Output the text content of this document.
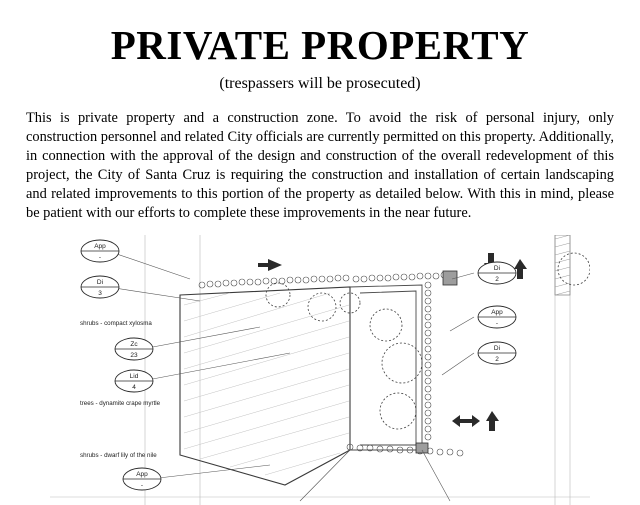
PRIVATE PROPERTY
(trespassers will be prosecuted)

This is private property and a construction zone. To avoid the risk of personal injury, only construction personnel and related City officials are currently permitted on this property. Additionally, in connection with the approval of the design and construction of the overall redevelopment of this project, the City of Santa Cruz is requiring the construction and installation of certain landscaping and related improvements to this portion of the property as detailed below. With this in mind, please be patient with our efforts to complete these improvements in the near future.

App
-
Di
3
Zc
23
Lid
4
App
-
Di
2
App
-
Di
2
shrubs - compact xylosma
trees - dynamite crape myrtle
shrubs - dwarf lily of the nile
